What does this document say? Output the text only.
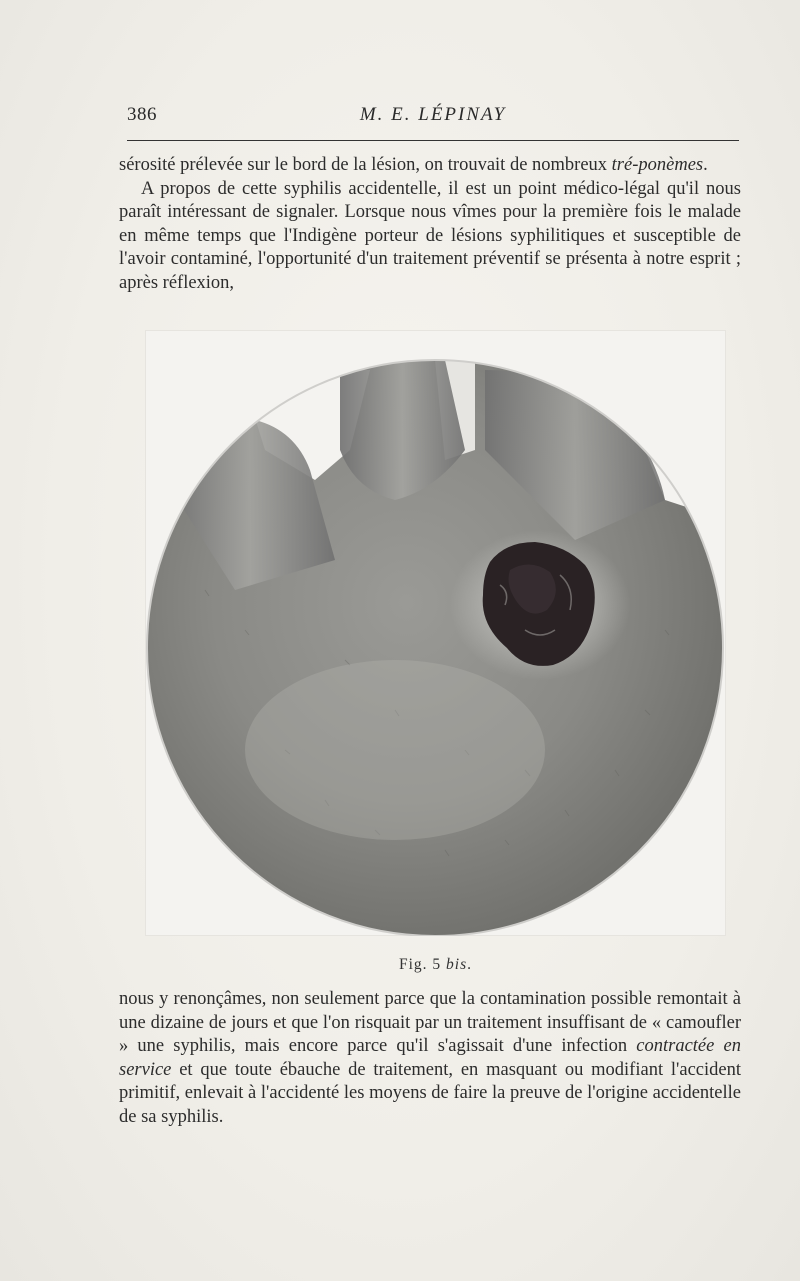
386	M. E. LÉPINAY

sérosité prélevée sur le bord de la lésion, on trouvait de nombreux tré-ponèmes.

A propos de cette syphilis accidentelle, il est un point médico-légal qu'il nous paraît intéressant de signaler. Lorsque nous vîmes pour la première fois le malade en même temps que l'Indigène porteur de lésions syphilitiques et susceptible de l'avoir contaminé, l'opportunité d'un traitement préventif se présenta à notre esprit ; après réflexion,

Fig. 5 bis.

nous y renonçâmes, non seulement parce que la contamination possible remontait à une dizaine de jours et que l'on risquait par un traitement insuffisant de « camoufler » une syphilis, mais encore parce qu'il s'agissait d'une infection contractée en service et que toute ébauche de traitement, en masquant ou modifiant l'accident primitif, enlevait à l'accidenté les moyens de faire la preuve de l'origine accidentelle de sa syphilis.
